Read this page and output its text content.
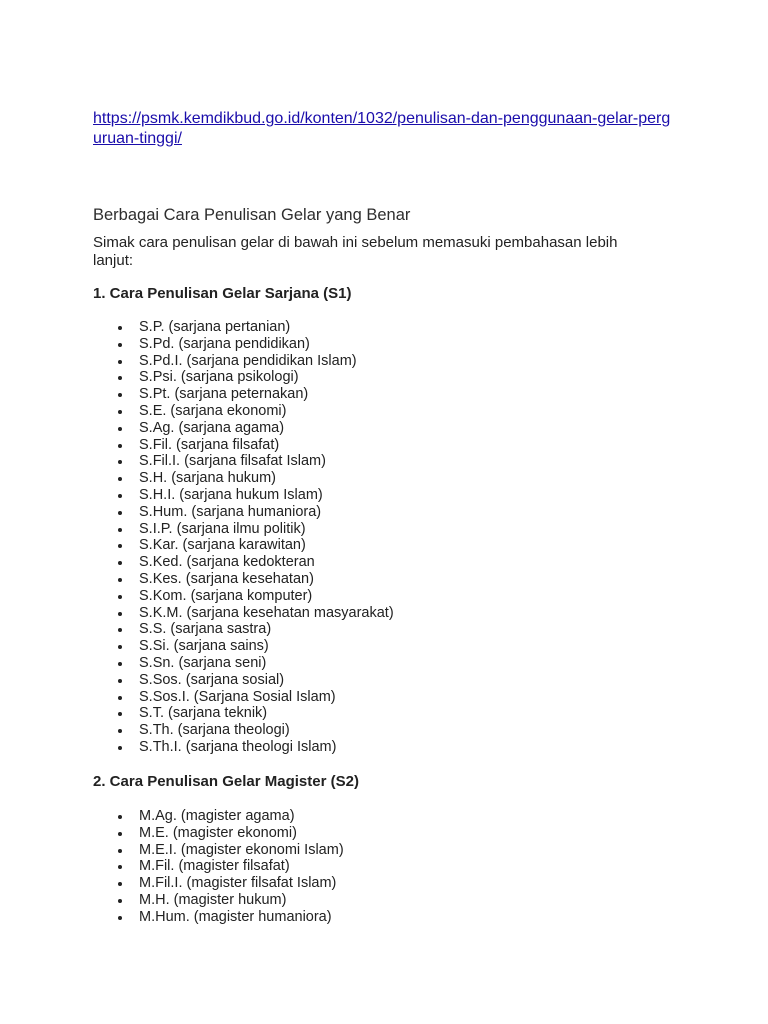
https://psmk.kemdikbud.go.id/konten/1032/penulisan-dan-penggunaan-gelar-perguruan-tinggi/
Berbagai Cara Penulisan Gelar yang Benar
Simak cara penulisan gelar di bawah ini sebelum memasuki pembahasan lebih lanjut:
1. Cara Penulisan Gelar Sarjana (S1)
S.P. (sarjana pertanian)
S.Pd. (sarjana pendidikan)
S.Pd.I. (sarjana pendidikan Islam)
S.Psi. (sarjana psikologi)
S.Pt. (sarjana peternakan)
S.E. (sarjana ekonomi)
S.Ag. (sarjana agama)
S.Fil. (sarjana filsafat)
S.Fil.I. (sarjana filsafat Islam)
S.H. (sarjana hukum)
S.H.I. (sarjana hukum Islam)
S.Hum. (sarjana humaniora)
S.I.P. (sarjana ilmu politik)
S.Kar. (sarjana karawitan)
S.Ked. (sarjana kedokteran
S.Kes. (sarjana kesehatan)
S.Kom. (sarjana komputer)
S.K.M. (sarjana kesehatan masyarakat)
S.S. (sarjana sastra)
S.Si. (sarjana sains)
S.Sn. (sarjana seni)
S.Sos. (sarjana sosial)
S.Sos.I. (Sarjana Sosial Islam)
S.T. (sarjana teknik)
S.Th. (sarjana theologi)
S.Th.I. (sarjana theologi Islam)
2. Cara Penulisan Gelar Magister (S2)
M.Ag. (magister agama)
M.E. (magister ekonomi)
M.E.I. (magister ekonomi Islam)
M.Fil. (magister filsafat)
M.Fil.I. (magister filsafat Islam)
M.H. (magister hukum)
M.Hum. (magister humaniora)
